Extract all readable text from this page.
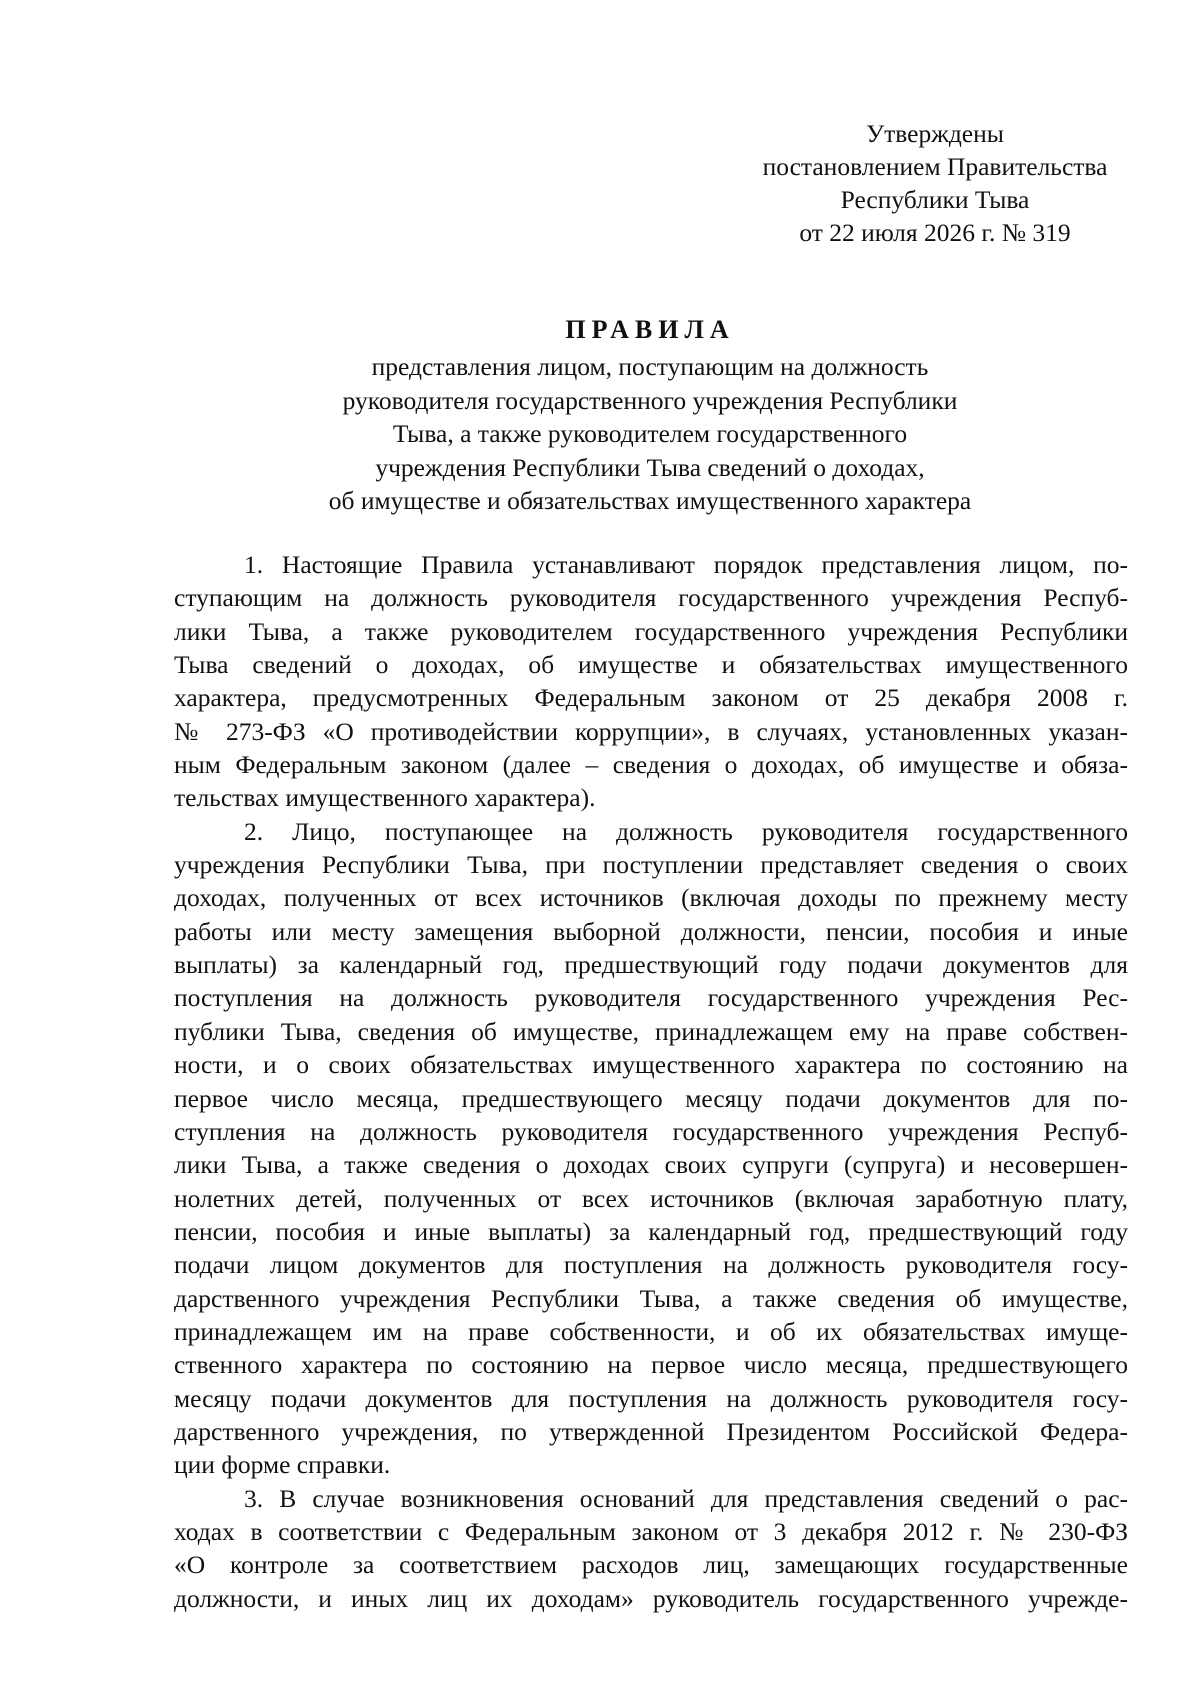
Утверждены
постановлением Правительства
Республики Тыва
от 22 июля 2026 г. № 319
ПРАВИЛА
представления лицом, поступающим на должность
руководителя государственного учреждения Республики
Тыва, а также руководителем государственного
учреждения Республики Тыва сведений о доходах,
об имуществе и обязательствах имущественного характера
1. Настоящие Правила устанавливают порядок представления лицом, по-
ступающим на должность руководителя государственного учреждения Респуб-
лики Тыва, а также руководителем государственного учреждения Республики
Тыва сведений о доходах, об имуществе и обязательствах имущественного
характера, предусмотренных Федеральным законом от 25 декабря 2008 г.
№ 273-ФЗ «О противодействии коррупции», в случаях, установленных указан-
ным Федеральным законом (далее – сведения о доходах, об имуществе и обяза-
тельствах имущественного характера).
2. Лицо, поступающее на должность руководителя государственного
учреждения Республики Тыва, при поступлении представляет сведения о своих
доходах, полученных от всех источников (включая доходы по прежнему месту
работы или месту замещения выборной должности, пенсии, пособия и иные
выплаты) за календарный год, предшествующий году подачи документов для
поступления на должность руководителя государственного учреждения Рес-
публики Тыва, сведения об имуществе, принадлежащем ему на праве собствен-
ности, и о своих обязательствах имущественного характера по состоянию на
первое число месяца, предшествующего месяцу подачи документов для по-
ступления на должность руководителя государственного учреждения Респуб-
лики Тыва, а также сведения о доходах своих супруги (супруга) и несовершен-
нолетних детей, полученных от всех источников (включая заработную плату,
пенсии, пособия и иные выплаты) за календарный год, предшествующий году
подачи лицом документов для поступления на должность руководителя госу-
дарственного учреждения Республики Тыва, а также сведения об имуществе,
принадлежащем им на праве собственности, и об их обязательствах имуще-
ственного характера по состоянию на первое число месяца, предшествующего
месяцу подачи документов для поступления на должность руководителя госу-
дарственного учреждения, по утвержденной Президентом Российской Федера-
ции форме справки.
3. В случае возникновения оснований для представления сведений о рас-
ходах в соответствии с Федеральным законом от 3 декабря 2012 г. № 230-ФЗ
«О контроле за соответствием расходов лиц, замещающих государственные
должности, и иных лиц их доходам» руководитель государственного учрежде-
